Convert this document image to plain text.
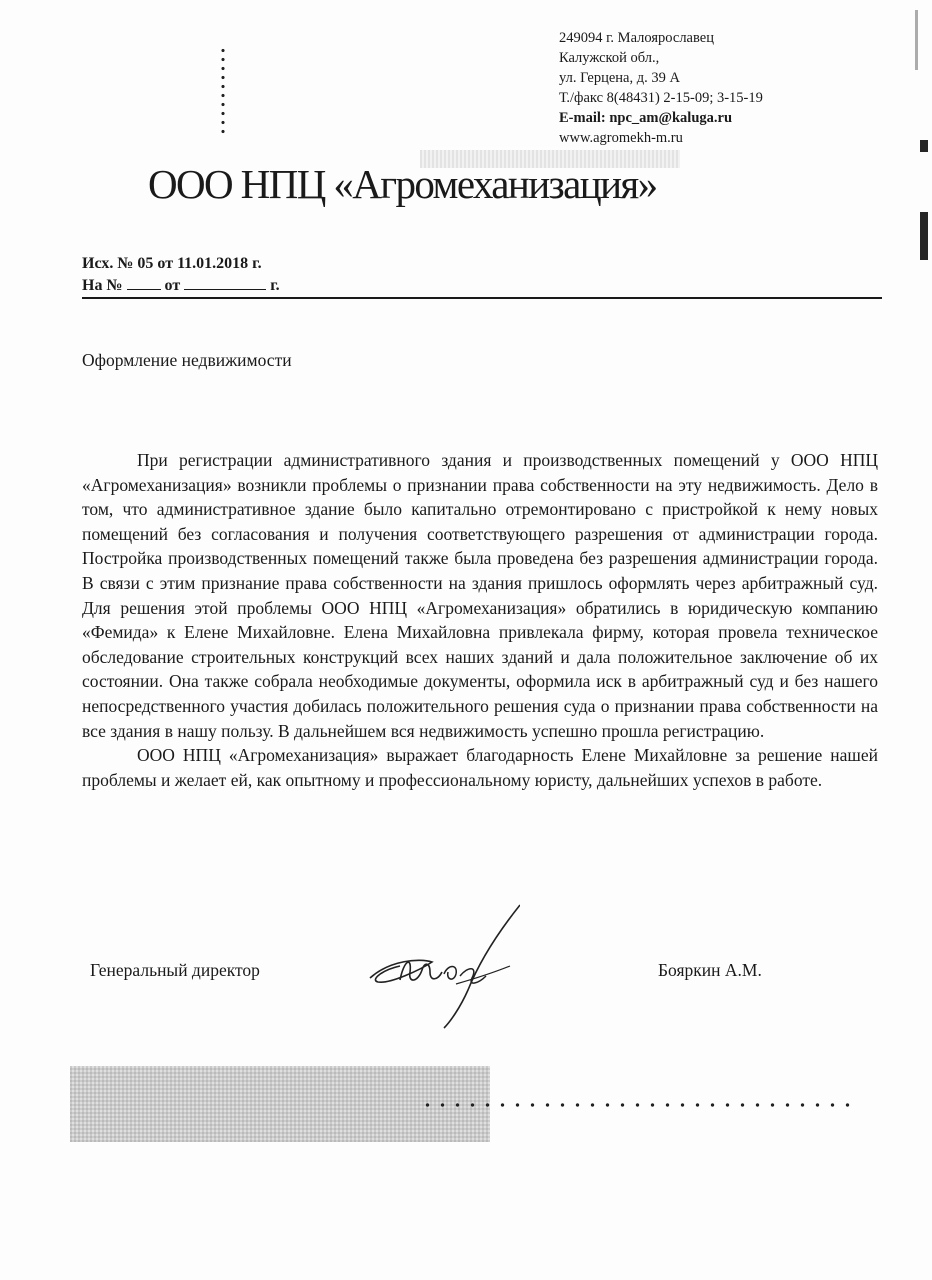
249094 г. Малоярославец
Калужской обл.,
ул. Герцена, д. 39 А
Т./факс 8(48431) 2-15-09; 3-15-19
E-mail: npc_am@kaluga.ru
www.agromekh-m.ru
ООО НПЦ «Агромеханизация»
Исх. № 05 от 11.01.2018 г.
На №	от	г.
Оформление недвижимости

При регистрации административного здания и производственных помещений у ООО НПЦ «Агромеханизация» возникли проблемы о признании права собственности на эту недвижимость. Дело в том, что административное здание было капитально отремонтировано с пристройкой к нему новых помещений без согласования и получения соответствующего разрешения от администрации города. Постройка производственных помещений также была проведена без разрешения администрации города. В связи с этим признание права собственности на здания пришлось оформлять через арбитражный суд. Для решения этой проблемы ООО НПЦ «Агромеханизация» обратились в юридическую компанию «Фемида» к Елене Михайловне. Елена Михайловна привлекала фирму, которая провела техническое обследование строительных конструкций всех наших зданий и дала положительное заключение об их состоянии. Она также собрала необходимые документы, оформила иск в арбитражный суд и без нашего непосредственного участия добилась положительного решения суда о признании права собственности на все здания в нашу пользу. В дальнейшем вся недвижимость успешно прошла регистрацию.

ООО НПЦ «Агромеханизация» выражает благодарность Елене Михайловне за решение нашей проблемы и желает ей, как опытному и профессиональному юристу, дальнейших успехов в работе.

Генеральный директор	Бояркин А.М.
